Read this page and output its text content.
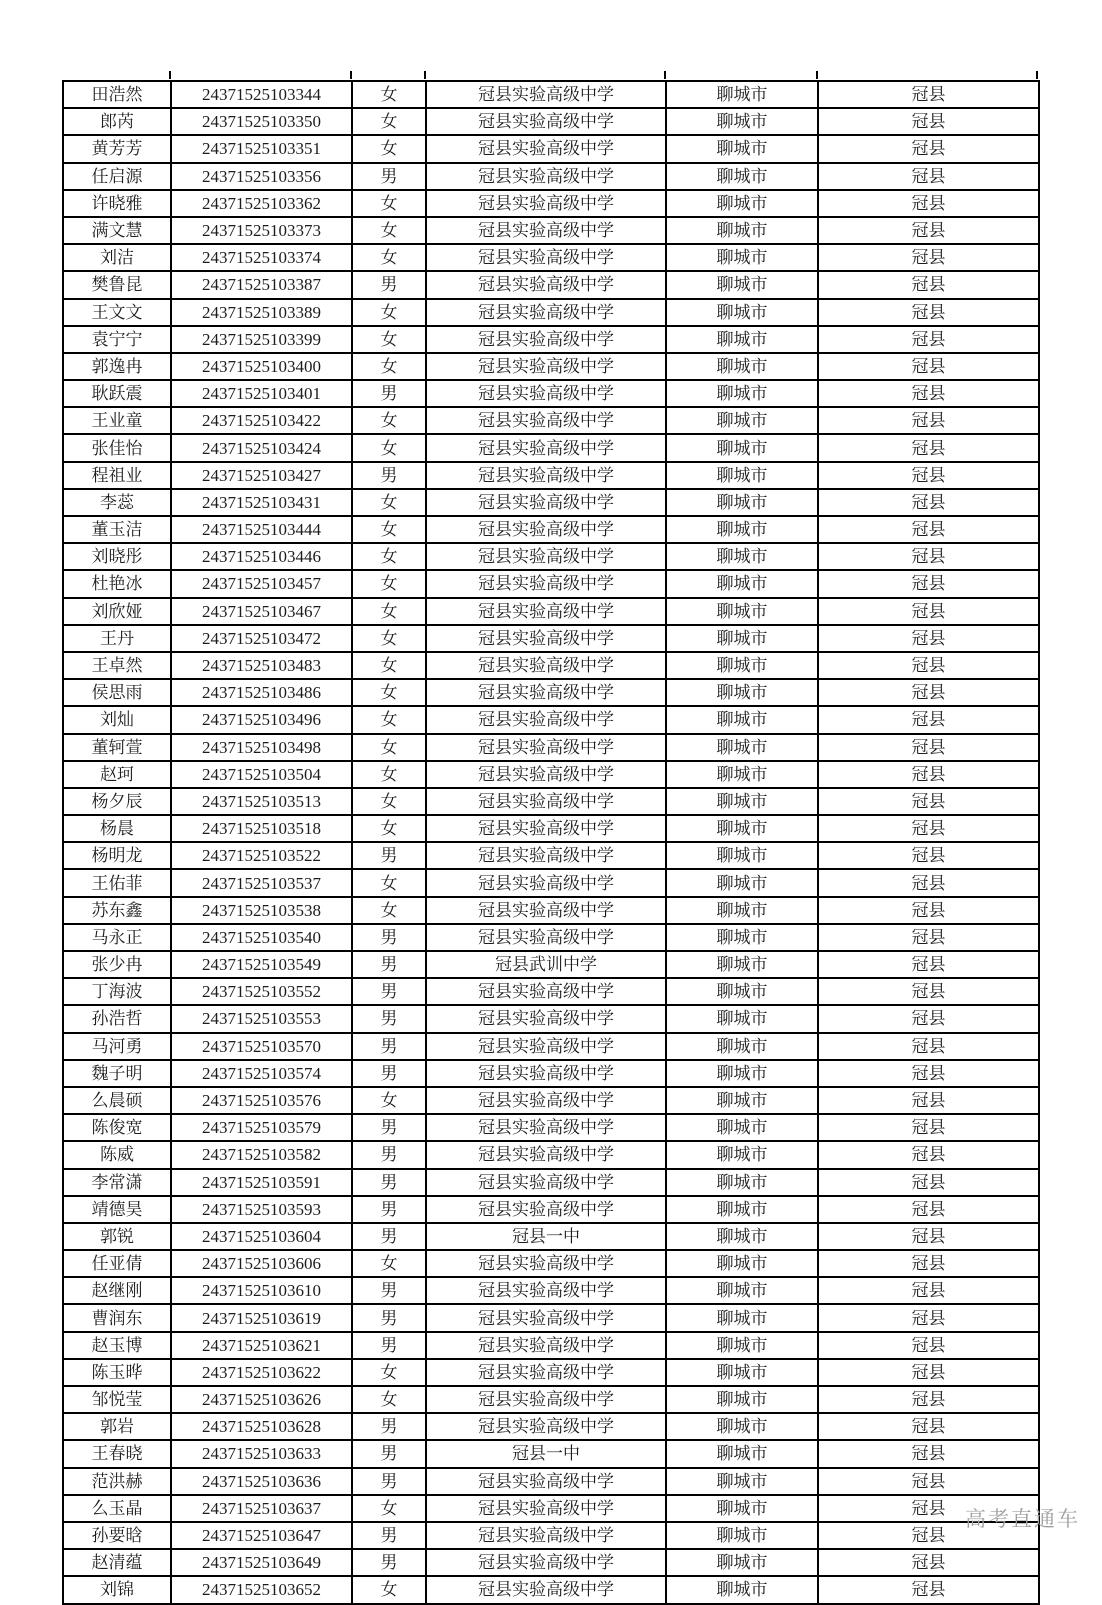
田浩然	24371525103344	女	冠县实验高级中学	聊城市	冠县
郎芮	24371525103350	女	冠县实验高级中学	聊城市	冠县
黄芳芳	24371525103351	女	冠县实验高级中学	聊城市	冠县
任启源	24371525103356	男	冠县实验高级中学	聊城市	冠县
许晓雅	24371525103362	女	冠县实验高级中学	聊城市	冠县
满文慧	24371525103373	女	冠县实验高级中学	聊城市	冠县
刘洁	24371525103374	女	冠县实验高级中学	聊城市	冠县
樊鲁昆	24371525103387	男	冠县实验高级中学	聊城市	冠县
王文文	24371525103389	女	冠县实验高级中学	聊城市	冠县
袁宁宁	24371525103399	女	冠县实验高级中学	聊城市	冠县
郭逸冉	24371525103400	女	冠县实验高级中学	聊城市	冠县
耿跃震	24371525103401	男	冠县实验高级中学	聊城市	冠县
王业童	24371525103422	女	冠县实验高级中学	聊城市	冠县
张佳怡	24371525103424	女	冠县实验高级中学	聊城市	冠县
程祖业	24371525103427	男	冠县实验高级中学	聊城市	冠县
李蕊	24371525103431	女	冠县实验高级中学	聊城市	冠县
董玉洁	24371525103444	女	冠县实验高级中学	聊城市	冠县
刘晓彤	24371525103446	女	冠县实验高级中学	聊城市	冠县
杜艳冰	24371525103457	女	冠县实验高级中学	聊城市	冠县
刘欣娅	24371525103467	女	冠县实验高级中学	聊城市	冠县
王丹	24371525103472	女	冠县实验高级中学	聊城市	冠县
王卓然	24371525103483	女	冠县实验高级中学	聊城市	冠县
侯思雨	24371525103486	女	冠县实验高级中学	聊城市	冠县
刘灿	24371525103496	女	冠县实验高级中学	聊城市	冠县
董轲萱	24371525103498	女	冠县实验高级中学	聊城市	冠县
赵珂	24371525103504	女	冠县实验高级中学	聊城市	冠县
杨夕辰	24371525103513	女	冠县实验高级中学	聊城市	冠县
杨晨	24371525103518	女	冠县实验高级中学	聊城市	冠县
杨明龙	24371525103522	男	冠县实验高级中学	聊城市	冠县
王佑菲	24371525103537	女	冠县实验高级中学	聊城市	冠县
苏东鑫	24371525103538	女	冠县实验高级中学	聊城市	冠县
马永正	24371525103540	男	冠县实验高级中学	聊城市	冠县
张少冉	24371525103549	男	冠县武训中学	聊城市	冠县
丁海波	24371525103552	男	冠县实验高级中学	聊城市	冠县
孙浩哲	24371525103553	男	冠县实验高级中学	聊城市	冠县
马河勇	24371525103570	男	冠县实验高级中学	聊城市	冠县
魏子明	24371525103574	男	冠县实验高级中学	聊城市	冠县
么晨硕	24371525103576	女	冠县实验高级中学	聊城市	冠县
陈俊宽	24371525103579	男	冠县实验高级中学	聊城市	冠县
陈威	24371525103582	男	冠县实验高级中学	聊城市	冠县
李常潇	24371525103591	男	冠县实验高级中学	聊城市	冠县
靖德昊	24371525103593	男	冠县实验高级中学	聊城市	冠县
郭锐	24371525103604	男	冠县一中	聊城市	冠县
任亚倩	24371525103606	女	冠县实验高级中学	聊城市	冠县
赵继刚	24371525103610	男	冠县实验高级中学	聊城市	冠县
曹润东	24371525103619	男	冠县实验高级中学	聊城市	冠县
赵玉博	24371525103621	男	冠县实验高级中学	聊城市	冠县
陈玉晔	24371525103622	女	冠县实验高级中学	聊城市	冠县
邹悦莹	24371525103626	女	冠县实验高级中学	聊城市	冠县
郭岩	24371525103628	男	冠县实验高级中学	聊城市	冠县
王春晓	24371525103633	男	冠县一中	聊城市	冠县
范洪赫	24371525103636	男	冠县实验高级中学	聊城市	冠县
么玉晶	24371525103637	女	冠县实验高级中学	聊城市	冠县
孙要晗	24371525103647	男	冠县实验高级中学	聊城市	冠县
赵清蕴	24371525103649	男	冠县实验高级中学	聊城市	冠县
刘锦	24371525103652	女	冠县实验高级中学	聊城市	冠县
高考直通车
